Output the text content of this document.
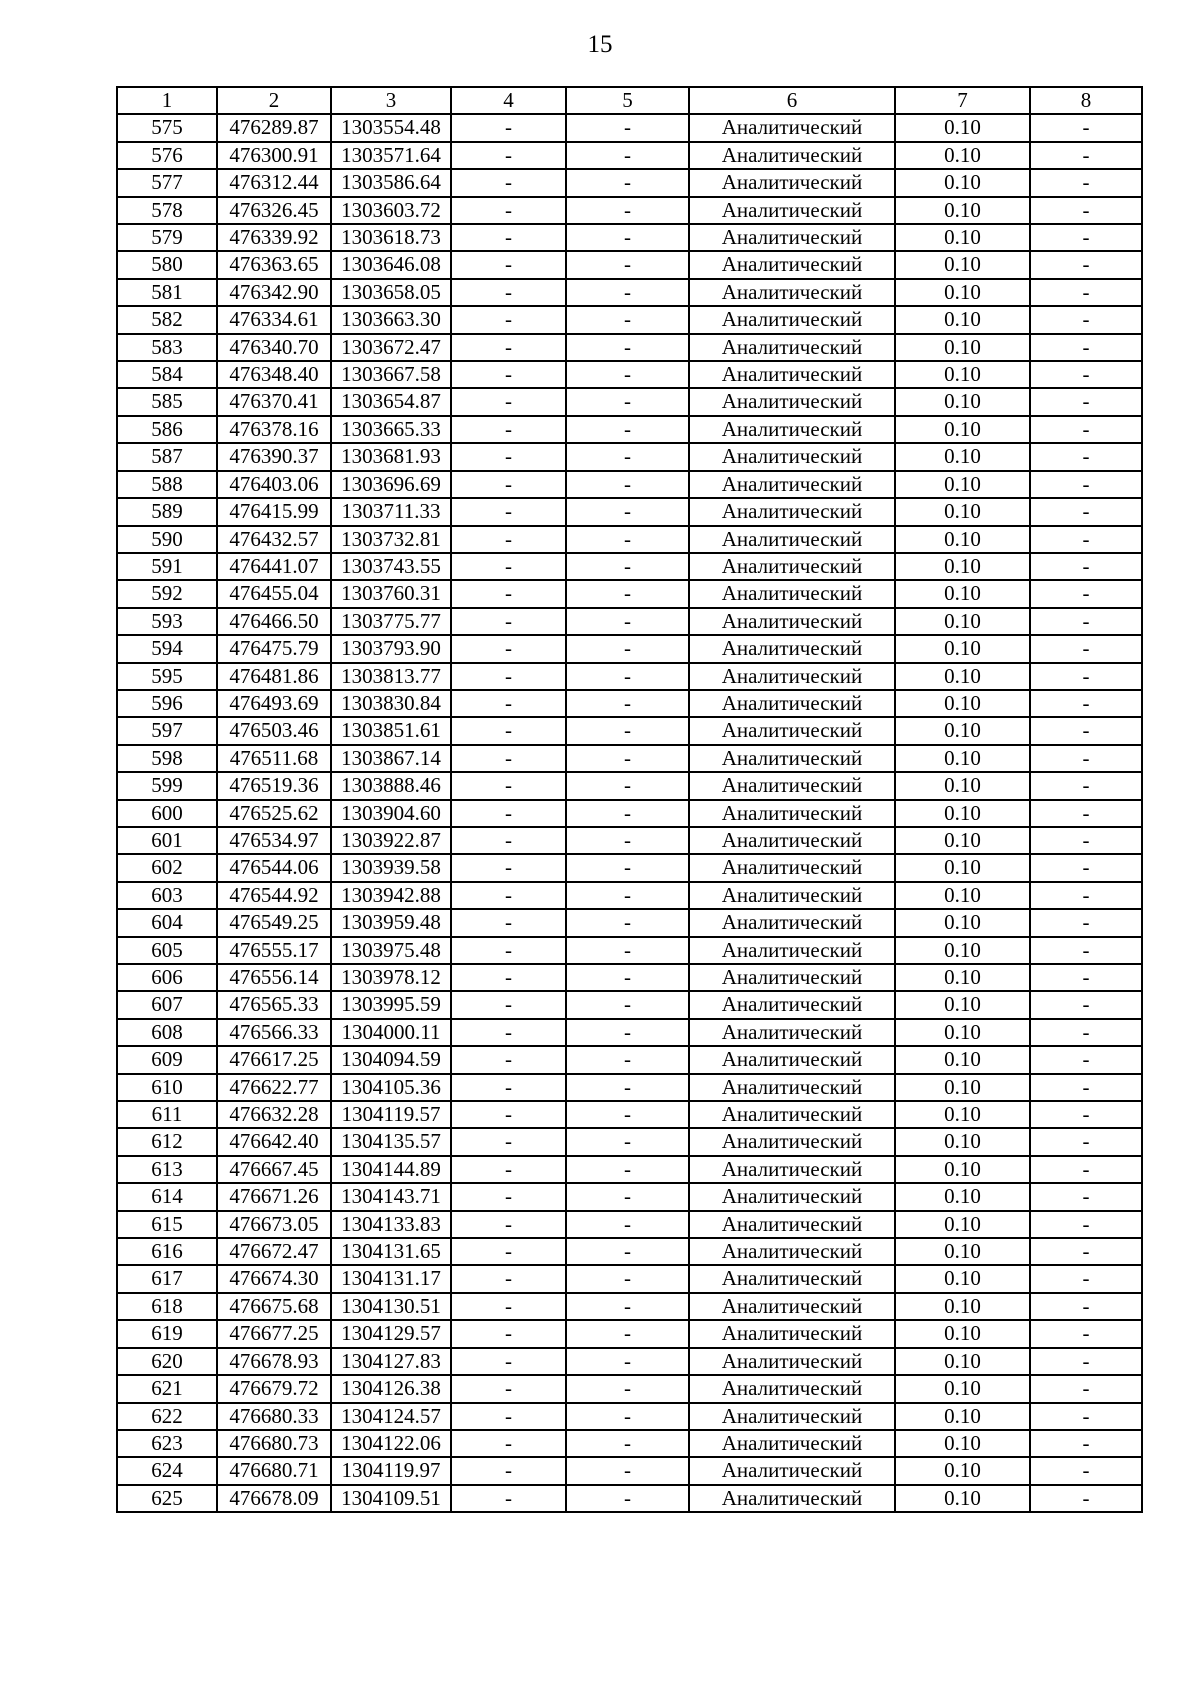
15
1	2	3	4	5	6	7	8
575	476289.87	1303554.48	-	-	Аналитический	0.10	-
576	476300.91	1303571.64	-	-	Аналитический	0.10	-
577	476312.44	1303586.64	-	-	Аналитический	0.10	-
578	476326.45	1303603.72	-	-	Аналитический	0.10	-
579	476339.92	1303618.73	-	-	Аналитический	0.10	-
580	476363.65	1303646.08	-	-	Аналитический	0.10	-
581	476342.90	1303658.05	-	-	Аналитический	0.10	-
582	476334.61	1303663.30	-	-	Аналитический	0.10	-
583	476340.70	1303672.47	-	-	Аналитический	0.10	-
584	476348.40	1303667.58	-	-	Аналитический	0.10	-
585	476370.41	1303654.87	-	-	Аналитический	0.10	-
586	476378.16	1303665.33	-	-	Аналитический	0.10	-
587	476390.37	1303681.93	-	-	Аналитический	0.10	-
588	476403.06	1303696.69	-	-	Аналитический	0.10	-
589	476415.99	1303711.33	-	-	Аналитический	0.10	-
590	476432.57	1303732.81	-	-	Аналитический	0.10	-
591	476441.07	1303743.55	-	-	Аналитический	0.10	-
592	476455.04	1303760.31	-	-	Аналитический	0.10	-
593	476466.50	1303775.77	-	-	Аналитический	0.10	-
594	476475.79	1303793.90	-	-	Аналитический	0.10	-
595	476481.86	1303813.77	-	-	Аналитический	0.10	-
596	476493.69	1303830.84	-	-	Аналитический	0.10	-
597	476503.46	1303851.61	-	-	Аналитический	0.10	-
598	476511.68	1303867.14	-	-	Аналитический	0.10	-
599	476519.36	1303888.46	-	-	Аналитический	0.10	-
600	476525.62	1303904.60	-	-	Аналитический	0.10	-
601	476534.97	1303922.87	-	-	Аналитический	0.10	-
602	476544.06	1303939.58	-	-	Аналитический	0.10	-
603	476544.92	1303942.88	-	-	Аналитический	0.10	-
604	476549.25	1303959.48	-	-	Аналитический	0.10	-
605	476555.17	1303975.48	-	-	Аналитический	0.10	-
606	476556.14	1303978.12	-	-	Аналитический	0.10	-
607	476565.33	1303995.59	-	-	Аналитический	0.10	-
608	476566.33	1304000.11	-	-	Аналитический	0.10	-
609	476617.25	1304094.59	-	-	Аналитический	0.10	-
610	476622.77	1304105.36	-	-	Аналитический	0.10	-
611	476632.28	1304119.57	-	-	Аналитический	0.10	-
612	476642.40	1304135.57	-	-	Аналитический	0.10	-
613	476667.45	1304144.89	-	-	Аналитический	0.10	-
614	476671.26	1304143.71	-	-	Аналитический	0.10	-
615	476673.05	1304133.83	-	-	Аналитический	0.10	-
616	476672.47	1304131.65	-	-	Аналитический	0.10	-
617	476674.30	1304131.17	-	-	Аналитический	0.10	-
618	476675.68	1304130.51	-	-	Аналитический	0.10	-
619	476677.25	1304129.57	-	-	Аналитический	0.10	-
620	476678.93	1304127.83	-	-	Аналитический	0.10	-
621	476679.72	1304126.38	-	-	Аналитический	0.10	-
622	476680.33	1304124.57	-	-	Аналитический	0.10	-
623	476680.73	1304122.06	-	-	Аналитический	0.10	-
624	476680.71	1304119.97	-	-	Аналитический	0.10	-
625	476678.09	1304109.51	-	-	Аналитический	0.10	-
